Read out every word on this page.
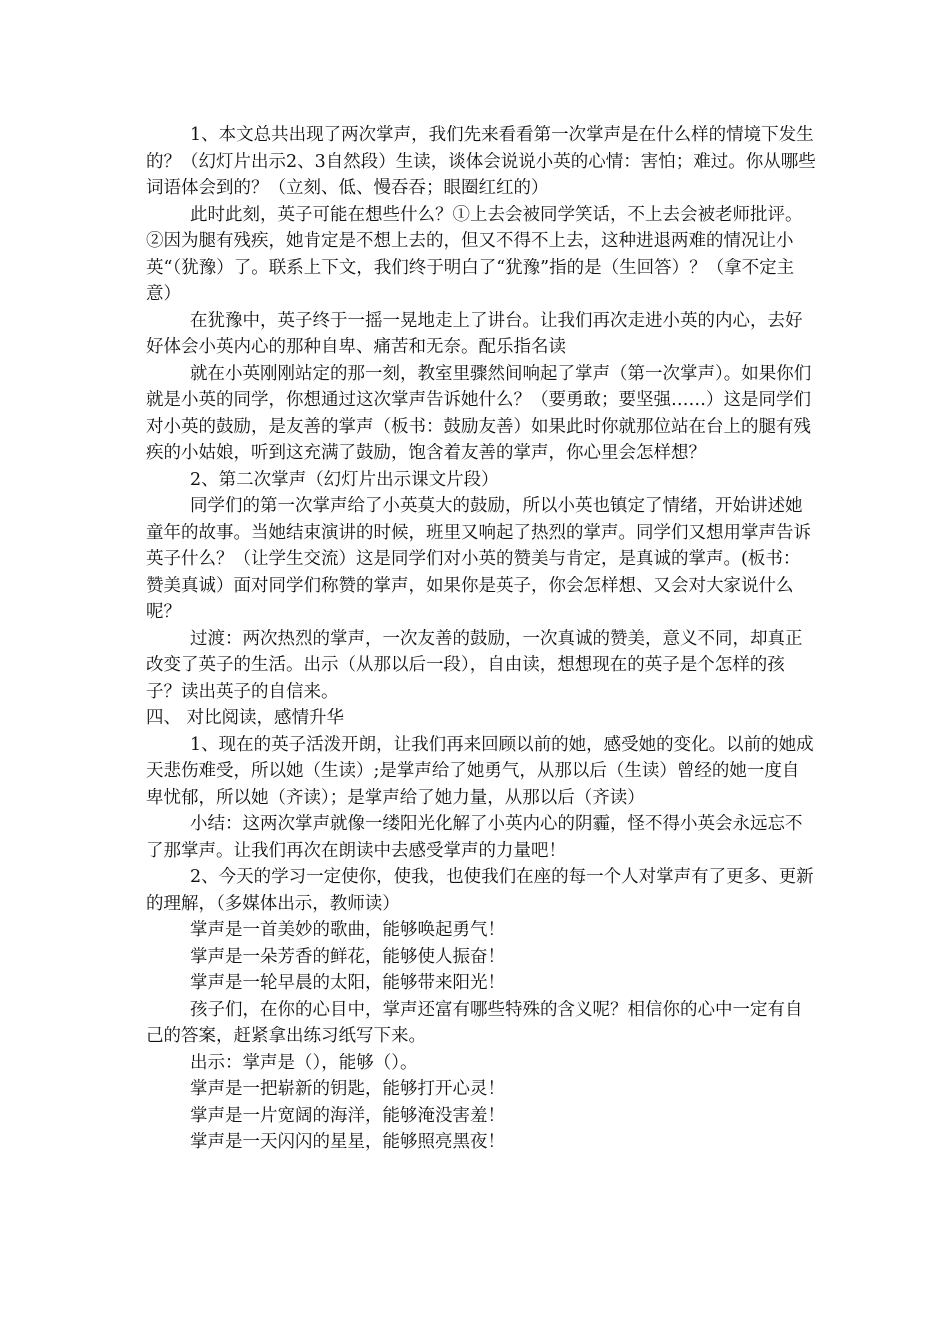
1、本文总共出现了两次掌声，我们先来看看第一次掌声是在什么样的情境下发生的？（幻灯片出示2、3自然段）生读，谈体会说说小英的心情：害怕；难过。你从哪些词语体会到的？（立刻、低、慢吞吞；眼圈红红的）

此时此刻，英子可能在想些什么？①上去会被同学笑话，不上去会被老师批评。②因为腿有残疾，她肯定是不想上去的，但又不得不上去，这种进退两难的情况让小英“（犹豫）了。联系上下文，我们终于明白了“犹豫”指的是（生回答）？（拿不定主意）

在犹豫中，英子终于一摇一晃地走上了讲台。让我们再次走进小英的内心，去好好体会小英内心的那种自卑、痛苦和无奈。配乐指名读

就在小英刚刚站定的那一刻，教室里骤然间响起了掌声（第一次掌声）。如果你们就是小英的同学，你想通过这次掌声告诉她什么？（要勇敢；要坚强……）这是同学们对小英的鼓励，是友善的掌声（板书：鼓励友善）如果此时你就那位站在台上的腿有残疾的小姑娘，听到这充满了鼓励，饱含着友善的掌声，你心里会怎样想？

2、第二次掌声（幻灯片出示课文片段）

同学们的第一次掌声给了小英莫大的鼓励，所以小英也镇定了情绪，开始讲述她童年的故事。当她结束演讲的时候，班里又响起了热烈的掌声。同学们又想用掌声告诉英子什么？（让学生交流）这是同学们对小英的赞美与肯定，是真诚的掌声。(板书：赞美真诚）面对同学们称赞的掌声，如果你是英子，你会怎样想、又会对大家说什么呢？

过渡：两次热烈的掌声，一次友善的鼓励，一次真诚的赞美，意义不同，却真正改变了英子的生活。出示（从那以后一段），自由读，想想现在的英子是个怎样的孩子？读出英子的自信来。

四、 对比阅读，感情升华

1、现在的英子活泼开朗，让我们再来回顾以前的她，感受她的变化。以前的她成天悲伤难受，所以她（生读）;是掌声给了她勇气，从那以后（生读）曾经的她一度自卑忧郁，所以她（齐读）；是掌声给了她力量，从那以后（齐读）

小结：这两次掌声就像一缕阳光化解了小英内心的阴霾，怪不得小英会永远忘不了那掌声。让我们再次在朗读中去感受掌声的力量吧！

2、今天的学习一定使你，使我，也使我们在座的每一个人对掌声有了更多、更新的理解，（多媒体出示，教师读）

掌声是一首美妙的歌曲，能够唤起勇气！

掌声是一朵芳香的鲜花，能够使人振奋！

掌声是一轮早晨的太阳，能够带来阳光！

孩子们，在你的心目中，掌声还富有哪些特殊的含义呢？相信你的心中一定有自己的答案，赶紧拿出练习纸写下来。

出示：掌声是（），能够（）。

掌声是一把崭新的钥匙，能够打开心灵！

掌声是一片宽阔的海洋，能够淹没害羞！

掌声是一天闪闪的星星，能够照亮黑夜！
